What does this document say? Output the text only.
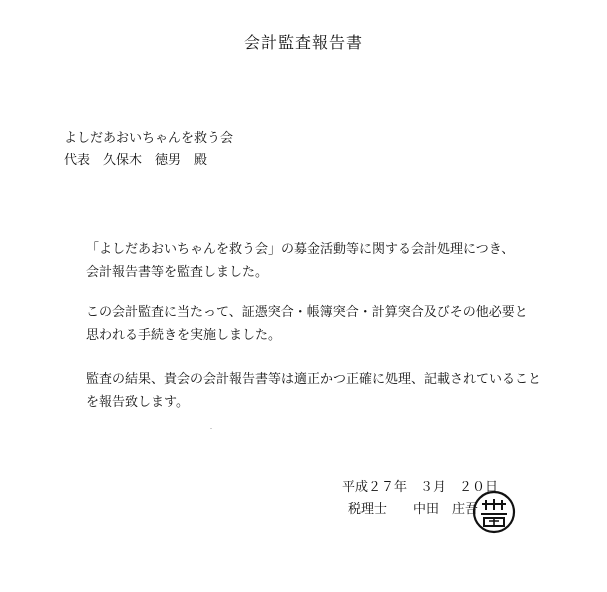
会計監査報告書
よしだあおいちゃんを救う会
代表　久保木　徳男　殿
「よしだあおいちゃんを救う会」の募金活動等に関する会計処理につき、
会計報告書等を監査しました。
この会計監査に当たって、証憑突合・帳簿突合・計算突合及びその他必要と
思われる手続きを実施しました。
監査の結果、貴会の会計報告書等は適正かつ正確に処理、記載されていること
を報告致します。
平成２７年　３月　２０日
税理士　　中田　庄吾
